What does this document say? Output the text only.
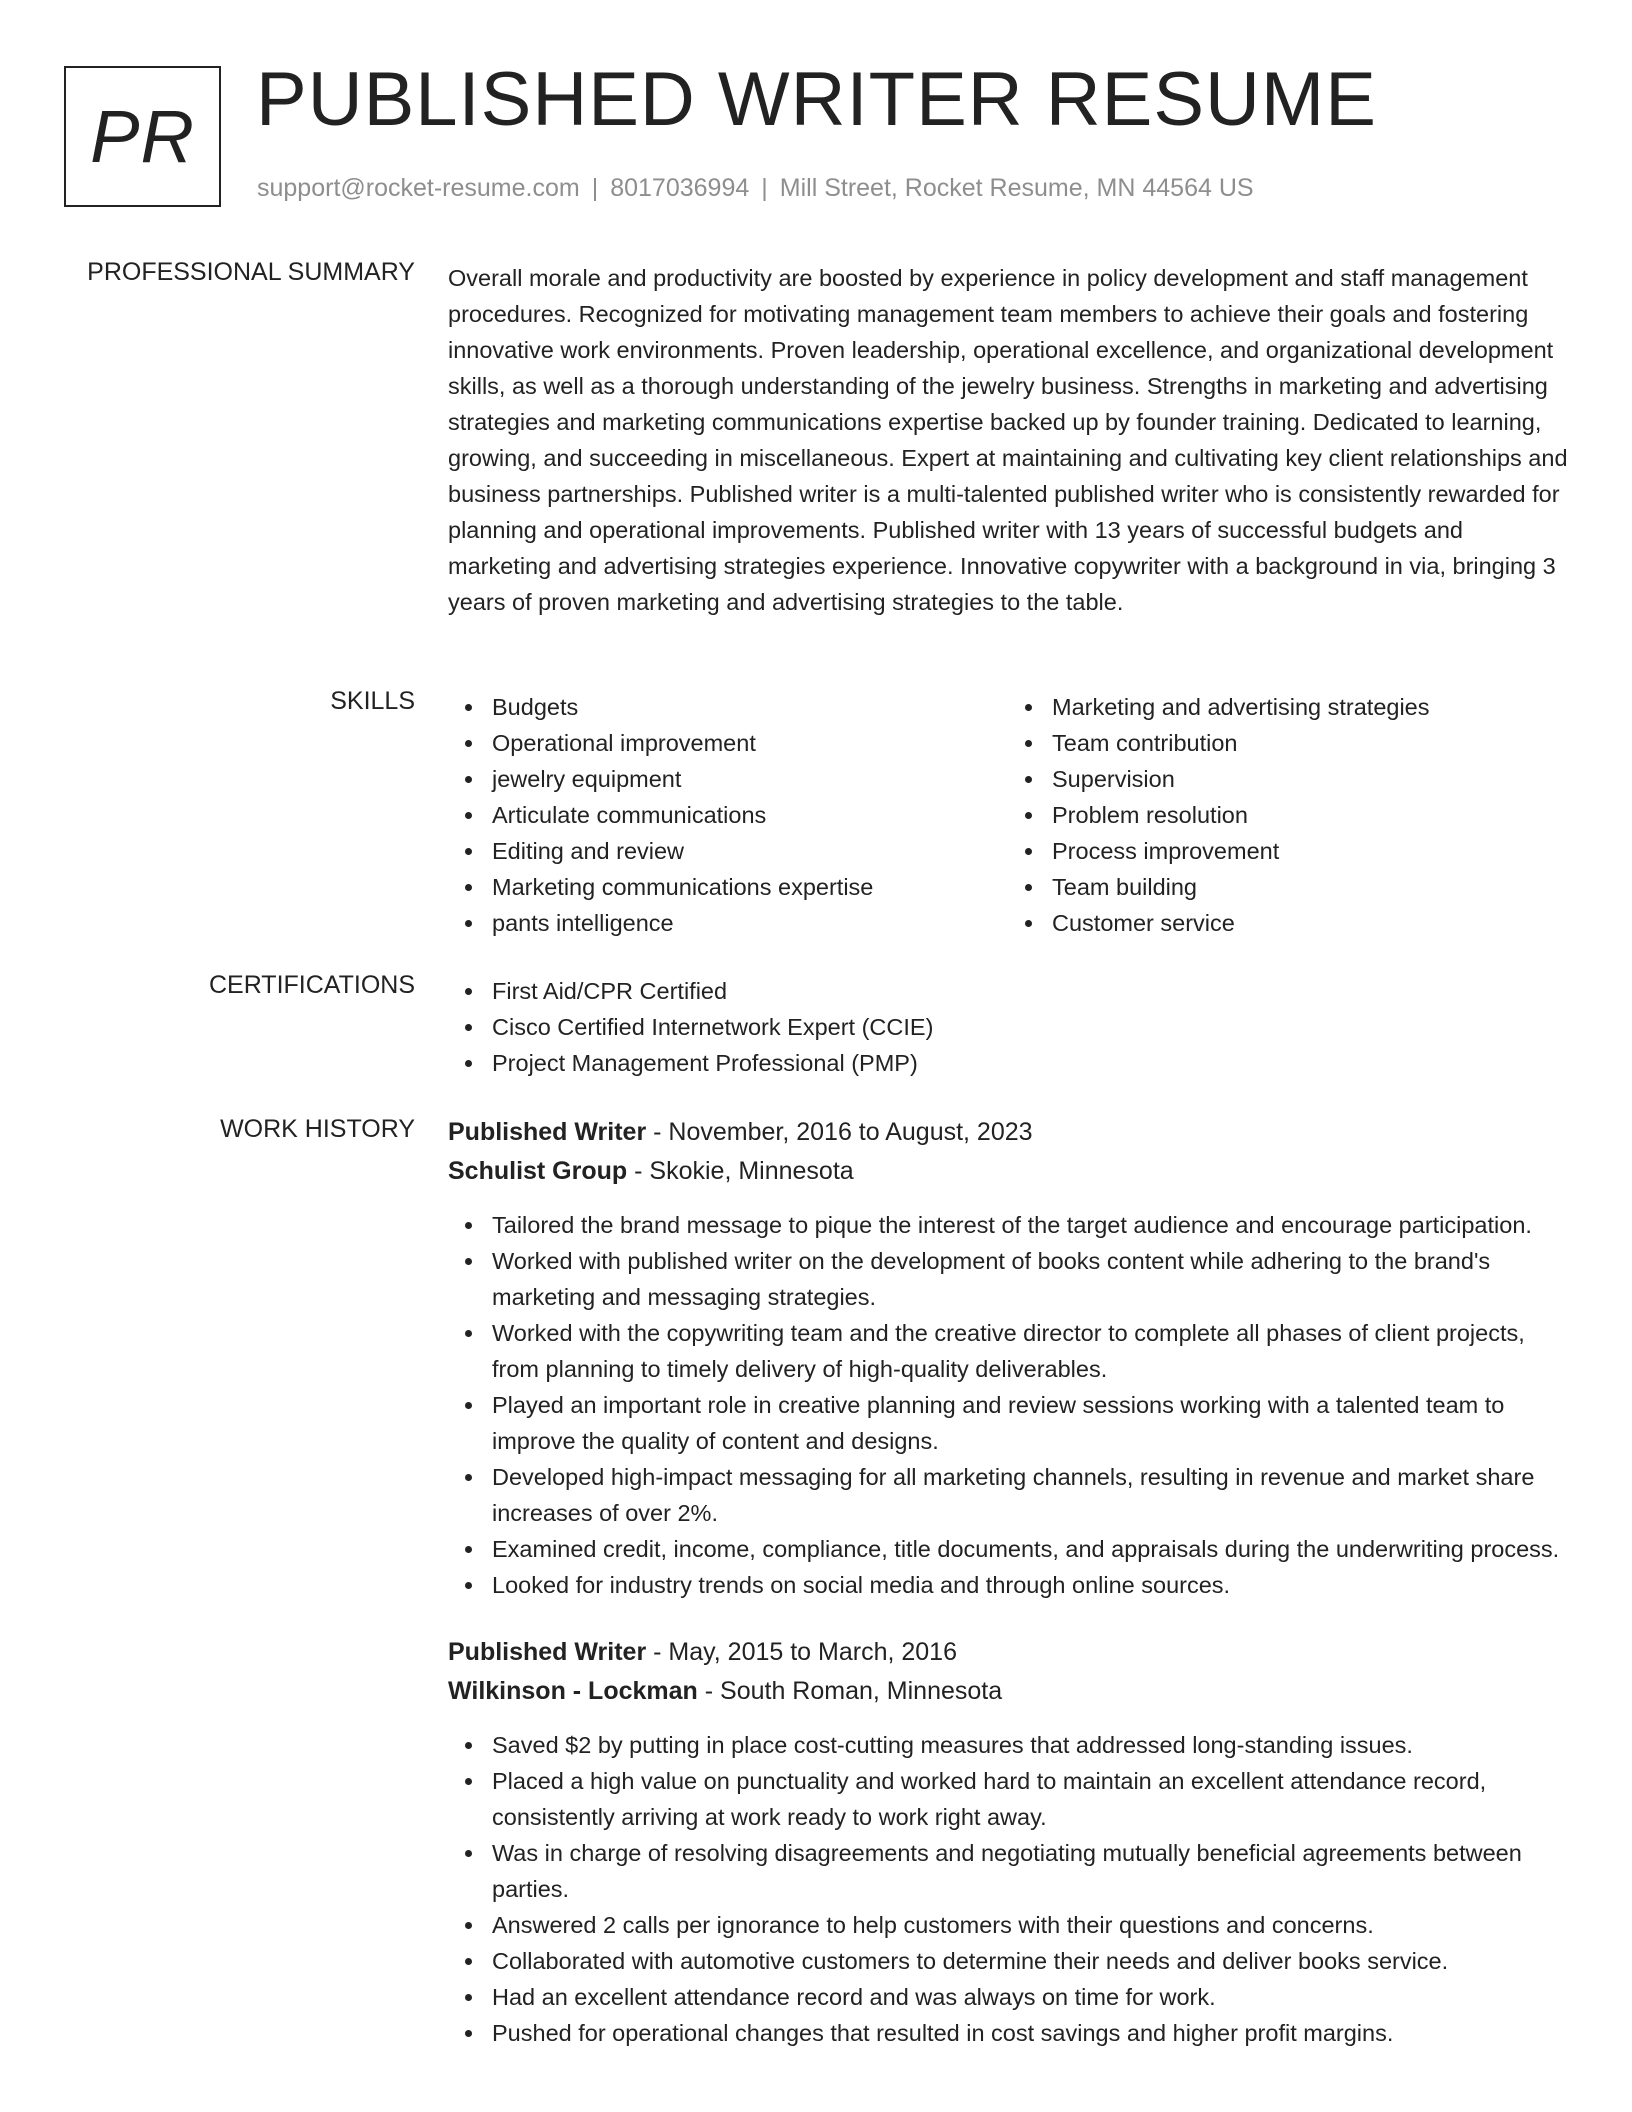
PR PUBLISHED WRITER RESUME
support@rocket-resume.com | 8017036994 | Mill Street, Rocket Resume, MN 44564 US
PROFESSIONAL SUMMARY Overall morale and productivity are boosted by experience in policy development and staff management procedures. Recognized for motivating management team members to achieve their goals and fostering innovative work environments. Proven leadership, operational excellence, and organizational development skills, as well as a thorough understanding of the jewelry business. Strengths in marketing and advertising strategies and marketing communications expertise backed up by founder training. Dedicated to learning, growing, and succeeding in miscellaneous. Expert at maintaining and cultivating key client relationships and business partnerships. Published writer is a multi-talented published writer who is consistently rewarded for planning and operational improvements. Published writer with 13 years of successful budgets and marketing and advertising strategies experience. Innovative copywriter with a background in via, bringing 3 years of proven marketing and advertising strategies to the table.

SKILLS	Budgets
Operational improvement
jewelry equipment
Articulate communications
Editing and review
Marketing communications expertise
pants intelligence
Marketing and advertising strategies
Team contribution
Supervision
Problem resolution
Process improvement
Team building
Customer service
CERTIFICATIONS	First Aid/CPR Certified
Cisco Certified Internetwork Expert (CCIE)
Project Management Professional (PMP)
WORK HISTORY Published Writer - November, 2016 to August, 2023
Schulist Group - Skokie, Minnesota
Tailored the brand message to pique the interest of the target audience and encourage participation.
Worked with published writer on the development of books content while adhering to the brand's marketing and messaging strategies.
Worked with the copywriting team and the creative director to complete all phases of client projects, from planning to timely delivery of high-quality deliverables.
Played an important role in creative planning and review sessions working with a talented team to improve the quality of content and designs.
Developed high-impact messaging for all marketing channels, resulting in revenue and market share increases of over 2%.
Examined credit, income, compliance, title documents, and appraisals during the underwriting process.
Looked for industry trends on social media and through online sources.
Published Writer - May, 2015 to March, 2016
Wilkinson - Lockman - South Roman, Minnesota
Saved $2 by putting in place cost-cutting measures that addressed long-standing issues.
Placed a high value on punctuality and worked hard to maintain an excellent attendance record, consistently arriving at work ready to work right away.
Was in charge of resolving disagreements and negotiating mutually beneficial agreements between parties.
Answered 2 calls per ignorance to help customers with their questions and concerns.
Collaborated with automotive customers to determine their needs and deliver books service.
Had an excellent attendance record and was always on time for work.
Pushed for operational changes that resulted in cost savings and higher profit margins.
